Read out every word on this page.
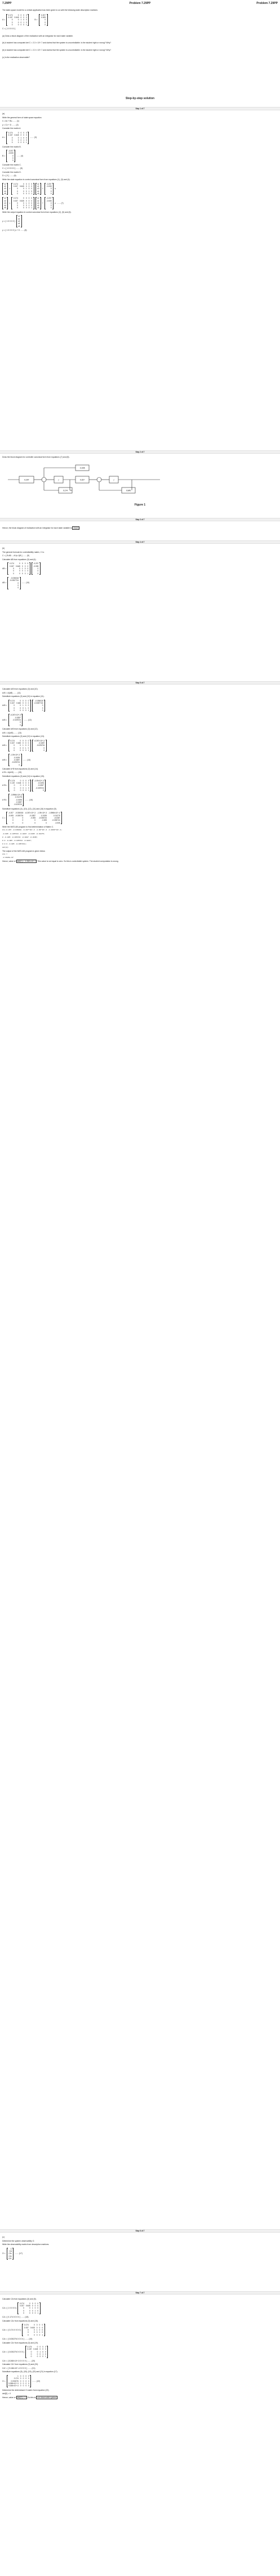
7.29PP	Problem 7.29PP	Problem 7.29PP

The state-space model for a certain application has been given to us with the following state description matrices:

A =
0.174	0	0	0	0
0.157	0.645	0	0	0
0	0	1	0	0
0	0	0	1	0
0	0	0	0	1
B =
-0.207
-0.005
0
0
0

C = [ 1 0 0 0 0 ]

(a) Draw a block diagram of the realization with an integrator for each state variable.

(b) A student has computed det C = 2.3 × 10^-7 and claims that the system is uncontrollable. Is the student right or wrong? Why?

(b) A student has computed det C = 2.3 × 10^-7 and claims that the system is uncontrollable. Is the student right or wrong? Why?

(c) Is the realization observable?

Step-by-step solution
Step 1 of 7

(a)

Write the general form of state space equation.

ẋ = Ax + Bu ....... (1)

y = Cx + D ....... (2)

Consider the matrix A.

A =
0.174	0	0	0	0
0.157	0.645	0	0	0
0	0	1	0	0
0	0	0	1	0
0	0	0	0	1
....... (3)

Consider the matrix B.

B =
-0.207
-0.005
0
0
0
....... (4)

Consider the matrix C.

C = [ 1 0 0 0 0 ] ....... (5)

Consider the matrix D.

D = [ 0 ] ....... (6)

Write the state equation in control canonical form from equations (1), (3) and (4).

ẋ1
ẋ2
ẋ3
ẋ4
ẋ5
=
0.174	0	0	0	0
0.157	0.645	0	0	0
0	0	1	0	0
0	0	0	1	0
0	0	0	0	1
x1
x2
x3
x4
x5
+
-0.207
-0.005
0
0
0
u
ẋ1
ẋ2
ẋ3
ẋ4
ẋ5
=
0.174	0	0	0	0
0.157	0.645	0	0	0
0	0	1	0	0
0	0	0	1	0
0	0	0	0	1
x1
x2
x3
x4
x5
+
-0.207
-0.005
0
0
0
u ....... (7)

Write the output equation in control canonical form from equations (2), (5) and (6).

y = [ 1 0 0 0 0 ]
x1
x2
x3
x4
x5

y = [ 1 0 0 0 0 ] x + 0 ....... (8)

Step 2 of 7

Draw the block diagram for controller canonical form from equations (7) and (8).

-0.207
-0.005
0.174
0.157
0.645
∫	∫
Figure 1
Step 3 of 7

Hence, the block diagram of realization with an integrator for each state variable is drawn

Step 4 of 7

(b)

The general formula for controllability matrix, C is:

C = [ B AB ... A^(n-1)B ] ....... (9)

Calculate AB from equations (3) and (4).

AB =
0.174	0	0	0	0
0.157	0.645	0	0	0
0	0	1	0	0
0	0	0	1	0
0	0	0	0	1
-0.207
-0.005
0
0
0
AB =
-0.036018
-0.0357724
0
0
0
....... (10)
Step 5 of 7

Calculate A²B from equations (3) and (10).

A²B = A(AB) ....... (11)

Substitute equations (3) and (10) in equation (11).

A²B =
0.174	0	0	0	0
0.157	0.645	0	0	0
0	0	1	0	0
0	0	0	1	0
0	0	0	0	1
-0.036018
-0.0357724
0
0
0
A²B =
-6.267×10^-3
-0.0287
-0.025724
0
0
....... (12)

Calculate A³B from equations (3) and (12).

A³B = A(A²B) ....... (13)

Substitute equations (3) and (12) in equation (13).

A³B =
0.174	0	0	0	0
0.157	0.645	0	0	0
0	0	1	0	0
0	0	0	1	0
0	0	0	0	1
-6.267×10^-3
-0.0287
-0.025724
0
0
A³B =
-1.09×10^-3
-0.0195
-0.0287
-0.025724
0
....... (14)

Calculate A⁴B from equations (3) and (14).

A⁴B = A(A³B) ....... (15)

Substitute equations (3) and (14) in equation (15).

A⁴B =
0.174	0	0	0	0
0.157	0.645	0	0	0
0	0	1	0	0
0	0	0	1	0
0	0	0	0	1
-1.09×10^-3
-0.0195
-0.0287
-0.025724
0
A⁴B =
-1.8966×10^-4
-0.01275
-0.0195
-0.0287
-0.025724
....... (16)

Substitute equations (4), (10), (12), (14) and (16) in equation (9).

C =
-0.207	-0.036018	-6.267×10^-3	-1.09×10^-3	-1.8966×10^-4
-0.005	-0.035724	-0.0287	-0.0195	-0.01275
0	0	-0.005	-0.035724	-0.0287
0	0	0	-0.005	-0.035724
0	0	0	0	-0.005

Write the MATLAB program to find determination of Matrix C.

A=[-0.207 -0.036018 -6.267*10^-3 -1.09*10^-3 -1.8966*10^-4;

-0.005 -0.035724 -0.0287 -0.0195 -0.01275;

0 -0.005 -0.035724 -0.0287 -0.0195;

0 0 -0.005 -0.035724 -0.0287;

0 0 0 -0.005 -0.035724];

det(A)

The output of the MATLAB program is given below.

ans =

-2.2829e-07

Hence, value of det[C] = -2.282×10^-7 This value is not equal to zero. So this is controllable system. The student computation is wrong.

Step 6 of 7

(c)

Determine the system observability O.

Write the observability matrix from description matrices.

O =
C
CA
CA²
CA³
CA⁴
....... (17)
Step 7 of 7

Calculate CA from equations (3) and (5).

CA = [ 1 0 0 0 0 ]
0.174	0	0	0	0
0.157	0.645	0	0	0
0	0	1	0	0
0	0	0	1	0
0	0	0	0	1

CA = [ 0.174 0 0 0 0 ] ....... (18)

Calculate CA² from equations (3) and (18).

CA² = [ 0.174 0 0 0 0 ]
0.174	0	0	0	0
0.157	0.645	0	0	0
0	0	1	0	0
0	0	0	1	0
0	0	0	0	1

CA² = [ 0.030276 0 0 0 0 ] ....... (19)

Calculate CA³ from equations (3) and (19).

CA³ = [ 0.030276 0 0 0 0 ]
0.174	0	0	0	0
0.157	0.645	0	0	0
0	0	1	0	0
0	0	0	1	0
0	0	0	0	1

CA³ = [ 5.268×10^-3 0 0 0 0 ] ....... (20)

Calculate CA⁴ from equations (3) and (20).

CA⁴ = [ 9.166×10^-4 0 0 0 0 ] ....... (21)

Substitute equations (5), (18), (19), (20) and (21) in equation (17).

O =
1	0	0	0	0
0.174	0	0	0	0
0.030276	0	0	0	0
5.268×10^-3	0	0	0	0
9.166×10^-4	0	0	0	0
....... (22)

Determine the determinant O matrix from equation (22).

det[O] = 0

Hence, value of det[O] = 0 . So this is not observable system
